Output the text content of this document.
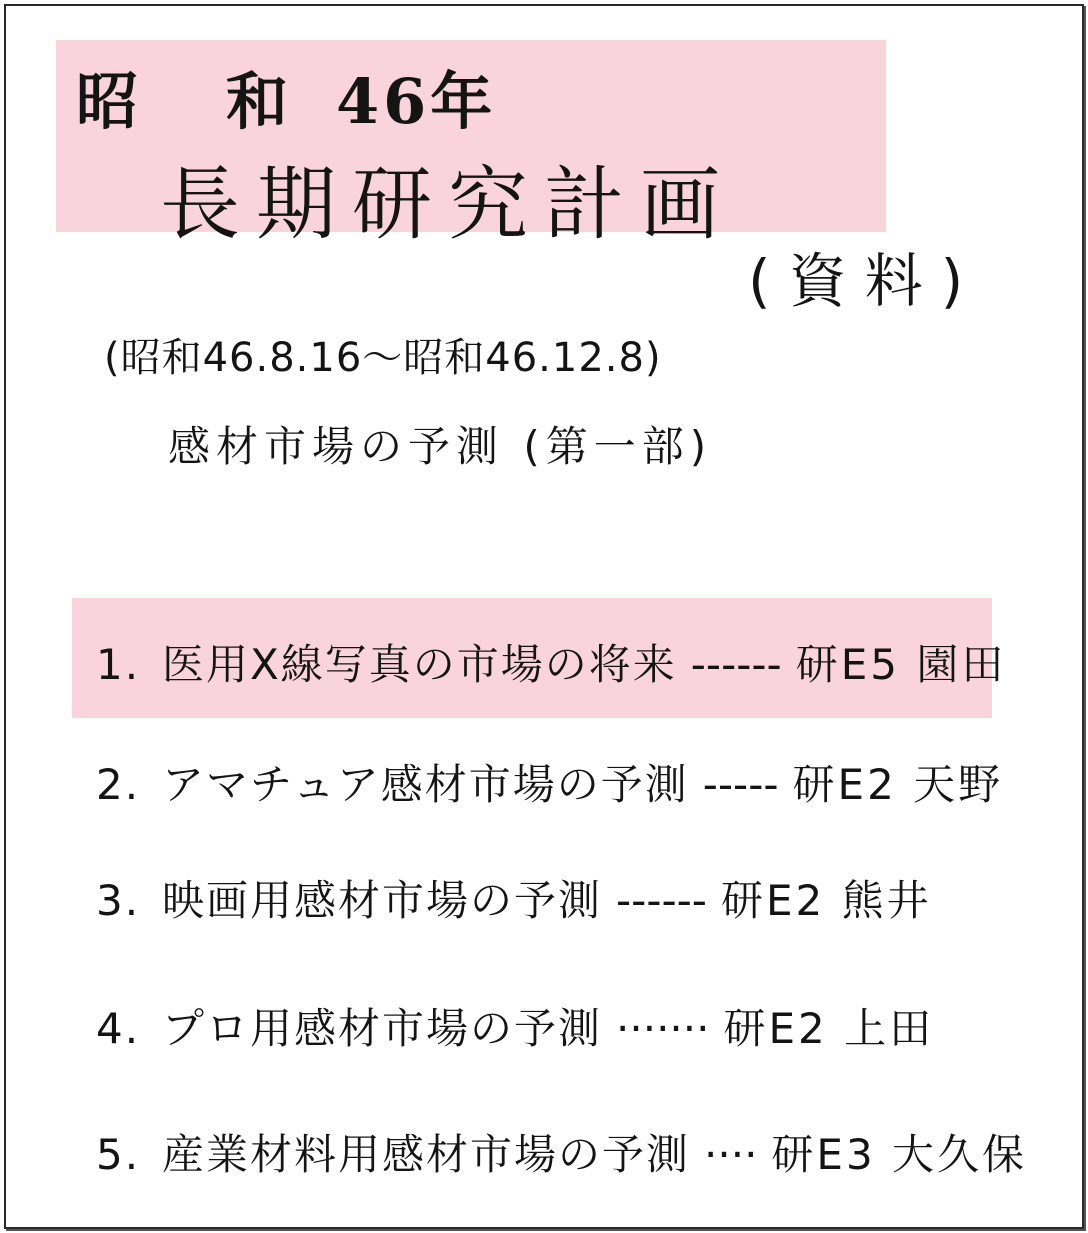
昭 和 46年
長期研究計画
(資料)
(昭和46.8.16～昭和46.12.8)
感材市場の予測 (第一部)
1. 医用X線写真の市場の将来 ------ 研E5 園田
2. アマチュア感材市場の予測 ----- 研E2 天野
3. 映画用感材市場の予測 ------ 研E2 熊井
4. プロ用感材市場の予測 ······· 研E2 上田
5. 産業材料用感材市場の予測 ···· 研E3 大久保
